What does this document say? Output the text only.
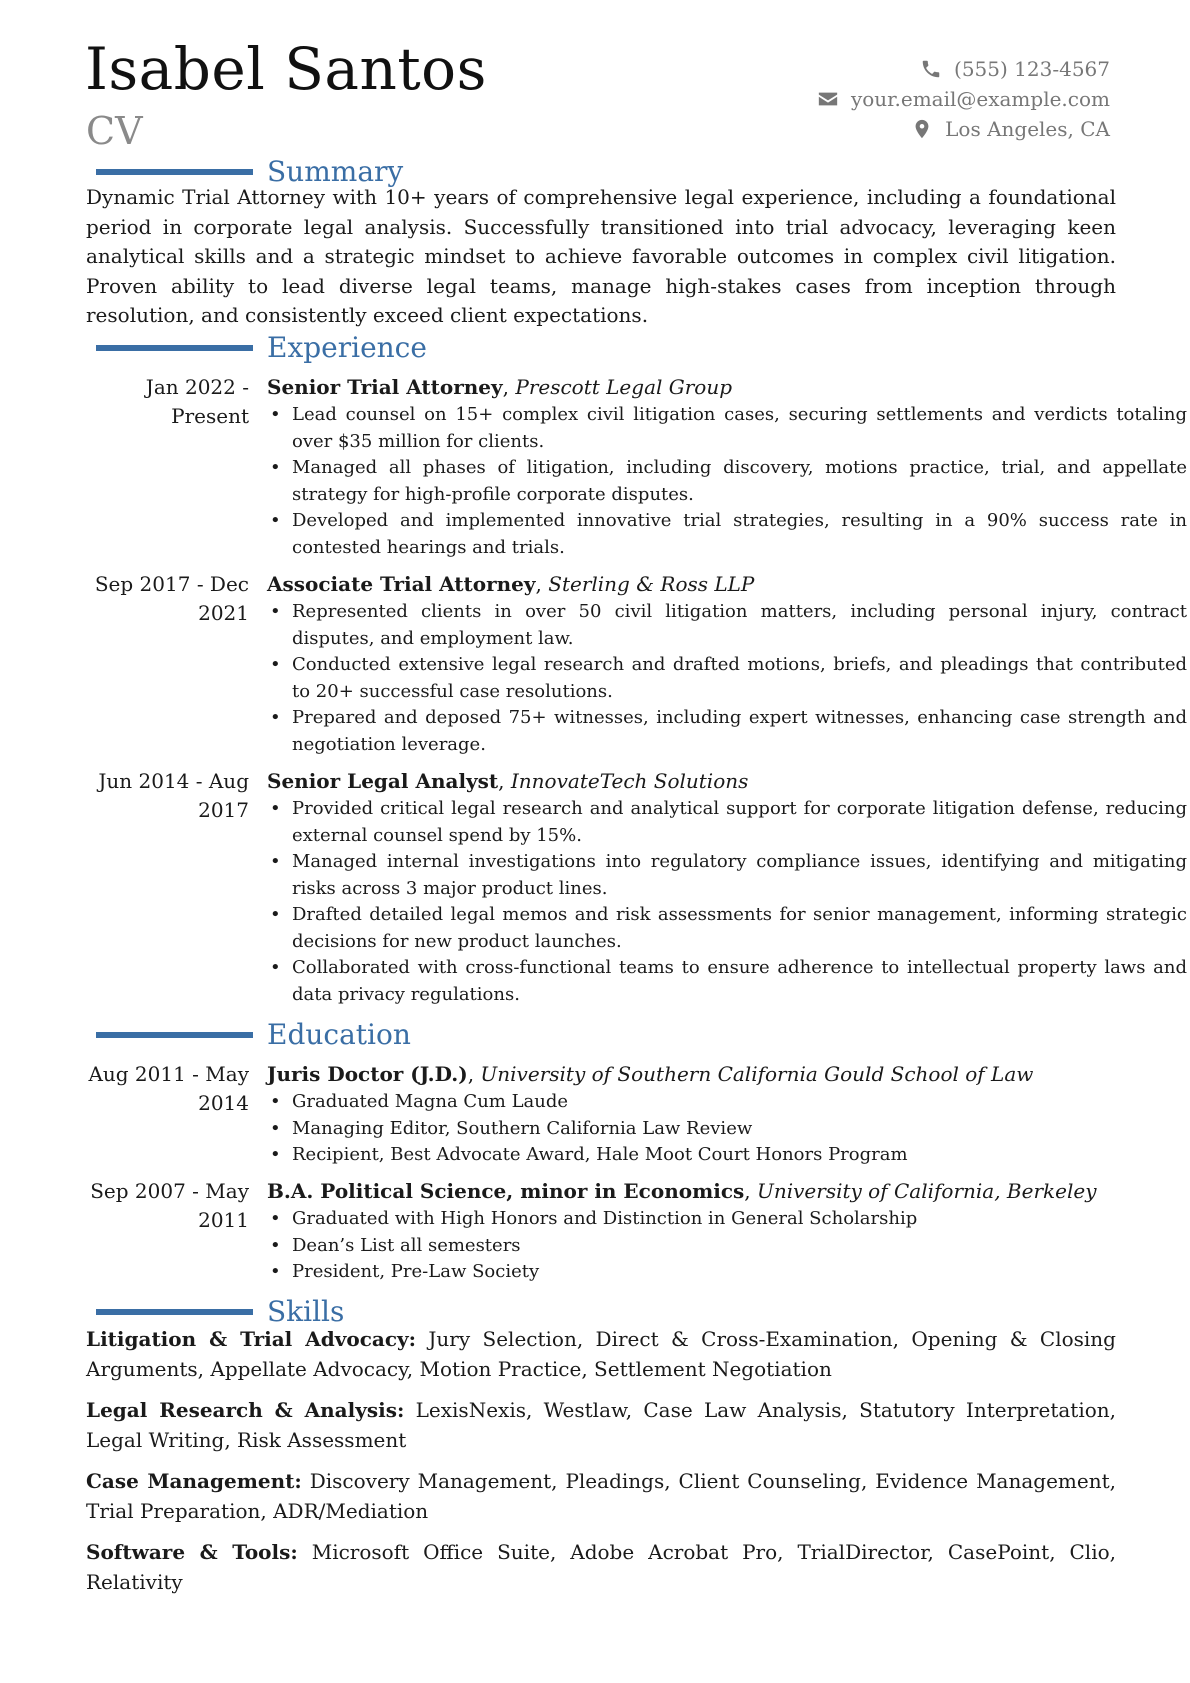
Isabel Santos
CV
(555) 123-4567
your.email@example.com
Los Angeles, CA
Summary
Dynamic Trial Attorney with 10+ years of comprehensive legal experience, including a foundational period in corporate legal analysis. Successfully transitioned into trial advocacy, leveraging keen analytical skills and a strategic mindset to achieve favorable outcomes in complex civil litigation. Proven ability to lead diverse legal teams, manage high-stakes cases from inception through resolution, and consistently exceed client expectations.
Experience
Jan 2022 - Present
Senior Trial Attorney, Prescott Legal Group
• Lead counsel on 15+ complex civil litigation cases, securing settlements and verdicts totaling over $35 million for clients.
• Managed all phases of litigation, including discovery, motions practice, trial, and appellate strategy for high-profile corporate disputes.
• Developed and implemented innovative trial strategies, resulting in a 90% success rate in contested hearings and trials.
Sep 2017 - Dec 2021
Associate Trial Attorney, Sterling & Ross LLP
• Represented clients in over 50 civil litigation matters, including personal injury, contract disputes, and employment law.
• Conducted extensive legal research and drafted motions, briefs, and pleadings that contributed to 20+ successful case resolutions.
• Prepared and deposed 75+ witnesses, including expert witnesses, enhancing case strength and negotiation leverage.
Jun 2014 - Aug 2017
Senior Legal Analyst, InnovateTech Solutions
• Provided critical legal research and analytical support for corporate litigation defense, reducing external counsel spend by 15%.
• Managed internal investigations into regulatory compliance issues, identifying and mitigating risks across 3 major product lines.
• Drafted detailed legal memos and risk assessments for senior management, informing strategic decisions for new product launches.
• Collaborated with cross-functional teams to ensure adherence to intellectual property laws and data privacy regulations.
Education
Aug 2011 - May 2014
Juris Doctor (J.D.), University of Southern California Gould School of Law
• Graduated Magna Cum Laude
• Managing Editor, Southern California Law Review
• Recipient, Best Advocate Award, Hale Moot Court Honors Program
Sep 2007 - May 2011
B.A. Political Science, minor in Economics, University of California, Berkeley
• Graduated with High Honors and Distinction in General Scholarship
• Dean’s List all semesters
• President, Pre-Law Society
Skills
Litigation & Trial Advocacy: Jury Selection, Direct & Cross-Examination, Opening & Closing Arguments, Appellate Advocacy, Motion Practice, Settlement Negotiation
Legal Research & Analysis: LexisNexis, Westlaw, Case Law Analysis, Statutory Interpretation, Legal Writing, Risk Assessment
Case Management: Discovery Management, Pleadings, Client Counseling, Evidence Management, Trial Preparation, ADR/Mediation
Software & Tools: Microsoft Office Suite, Adobe Acrobat Pro, TrialDirector, CasePoint, Clio, Relativity
